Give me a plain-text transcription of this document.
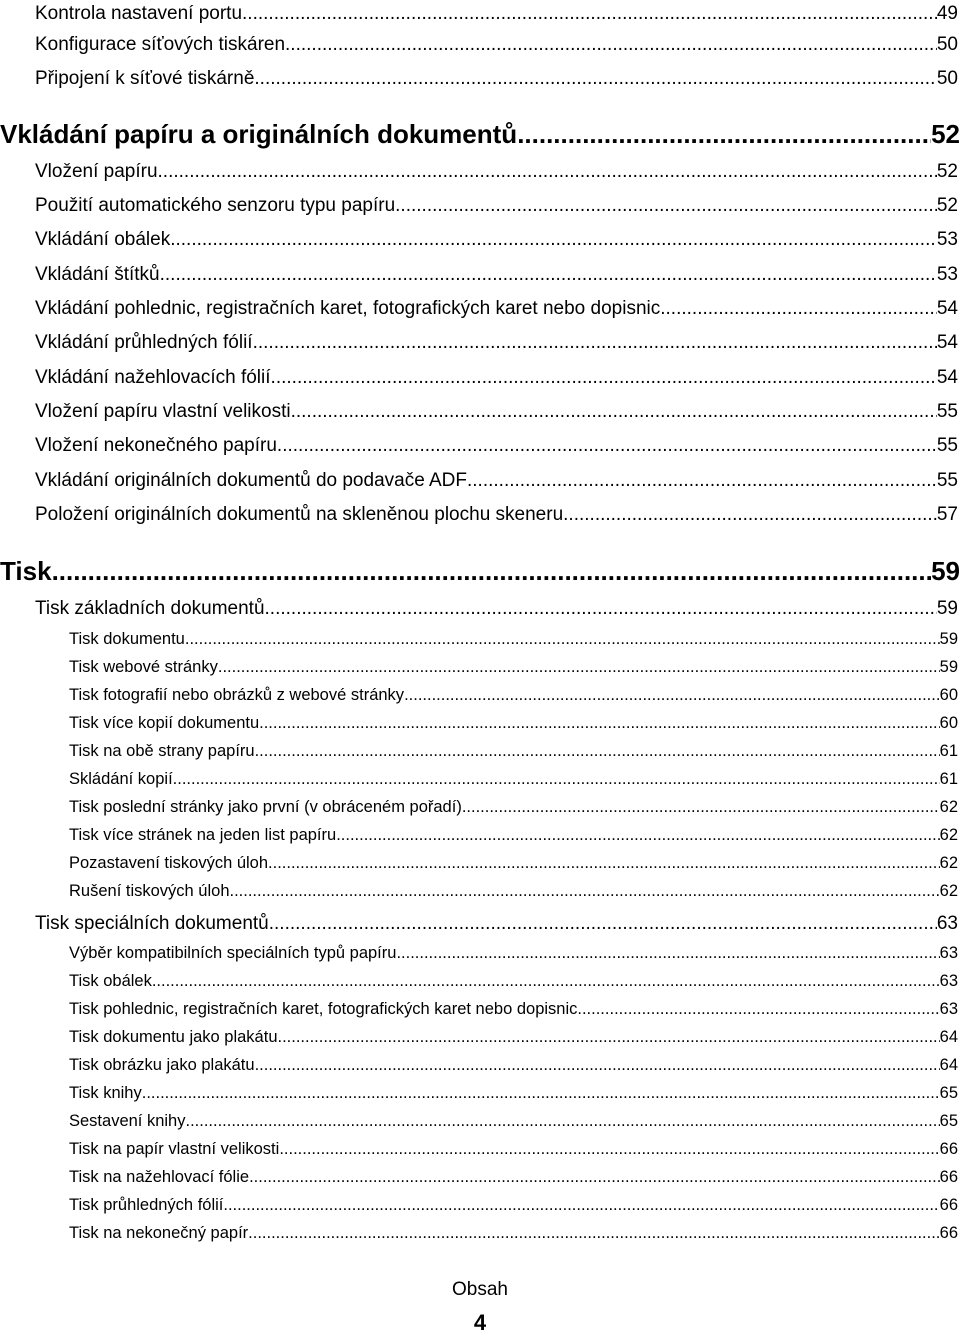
Kontrola nastavení portu .....	49
Konfigurace síťových tiskáren .....	50
Připojení k síťové tiskárně .....	50
Vkládání papíru a originálních dokumentů .....	52
Vložení papíru .....	52
Použití automatického senzoru typu papíru .....	52
Vkládání obálek .....	53
Vkládání štítků .....	53
Vkládání pohlednic, registračních karet, fotografických karet nebo dopisnic .....	54
Vkládání průhledných fólií .....	54
Vkládání nažehlovacích fólií .....	54
Vložení papíru vlastní velikosti .....	55
Vložení nekonečného papíru .....	55
Vkládání originálních dokumentů do podavače ADF .....	55
Položení originálních dokumentů na skleněnou plochu skeneru .....	57
Tisk .....	59
Tisk základních dokumentů .....	59
Tisk dokumentu .....	59
Tisk webové stránky .....	59
Tisk fotografií nebo obrázků z webové stránky .....	60
Tisk více kopií dokumentu .....	60
Tisk na obě strany papíru .....	61
Skládání kopií .....	61
Tisk poslední stránky jako první (v obráceném pořadí) .....	62
Tisk více stránek na jeden list papíru .....	62
Pozastavení tiskových úloh .....	62
Rušení tiskových úloh .....	62
Tisk speciálních dokumentů .....	63
Výběr kompatibilních speciálních typů papíru .....	63
Tisk obálek .....	63
Tisk pohlednic, registračních karet, fotografických karet nebo dopisnic .....	63
Tisk dokumentu jako plakátu .....	64
Tisk obrázku jako plakátu .....	64
Tisk knihy .....	65
Sestavení knihy .....	65
Tisk na papír vlastní velikosti .....	66
Tisk na nažehlovací fólie .....	66
Tisk průhledných fólií .....	66
Tisk na nekonečný papír .....	66
Obsah
4
